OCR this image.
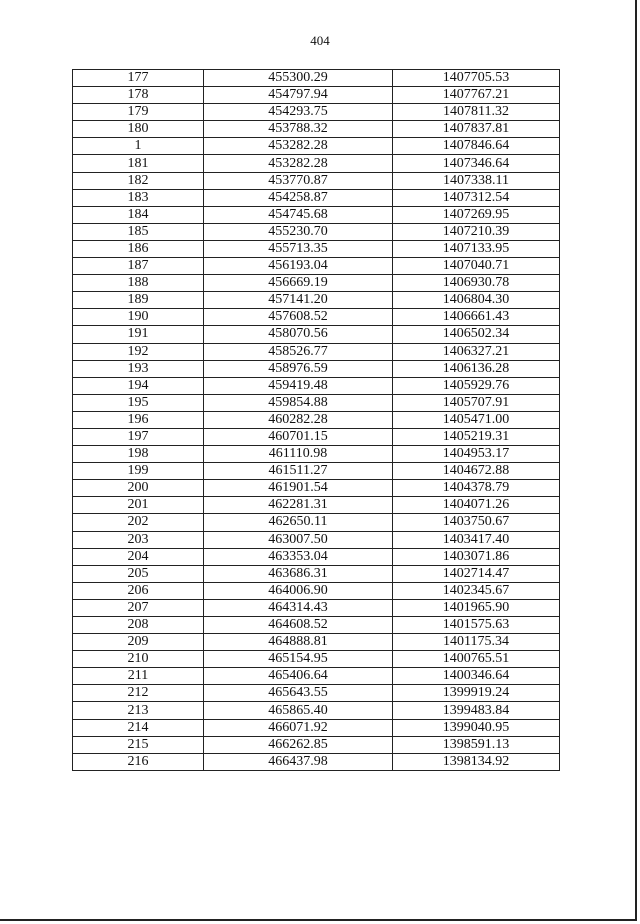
404
177	455300.29	1407705.53
178	454797.94	1407767.21
179	454293.75	1407811.32
180	453788.32	1407837.81
1	453282.28	1407846.64
181	453282.28	1407346.64
182	453770.87	1407338.11
183	454258.87	1407312.54
184	454745.68	1407269.95
185	455230.70	1407210.39
186	455713.35	1407133.95
187	456193.04	1407040.71
188	456669.19	1406930.78
189	457141.20	1406804.30
190	457608.52	1406661.43
191	458070.56	1406502.34
192	458526.77	1406327.21
193	458976.59	1406136.28
194	459419.48	1405929.76
195	459854.88	1405707.91
196	460282.28	1405471.00
197	460701.15	1405219.31
198	461110.98	1404953.17
199	461511.27	1404672.88
200	461901.54	1404378.79
201	462281.31	1404071.26
202	462650.11	1403750.67
203	463007.50	1403417.40
204	463353.04	1403071.86
205	463686.31	1402714.47
206	464006.90	1402345.67
207	464314.43	1401965.90
208	464608.52	1401575.63
209	464888.81	1401175.34
210	465154.95	1400765.51
211	465406.64	1400346.64
212	465643.55	1399919.24
213	465865.40	1399483.84
214	466071.92	1399040.95
215	466262.85	1398591.13
216	466437.98	1398134.92
